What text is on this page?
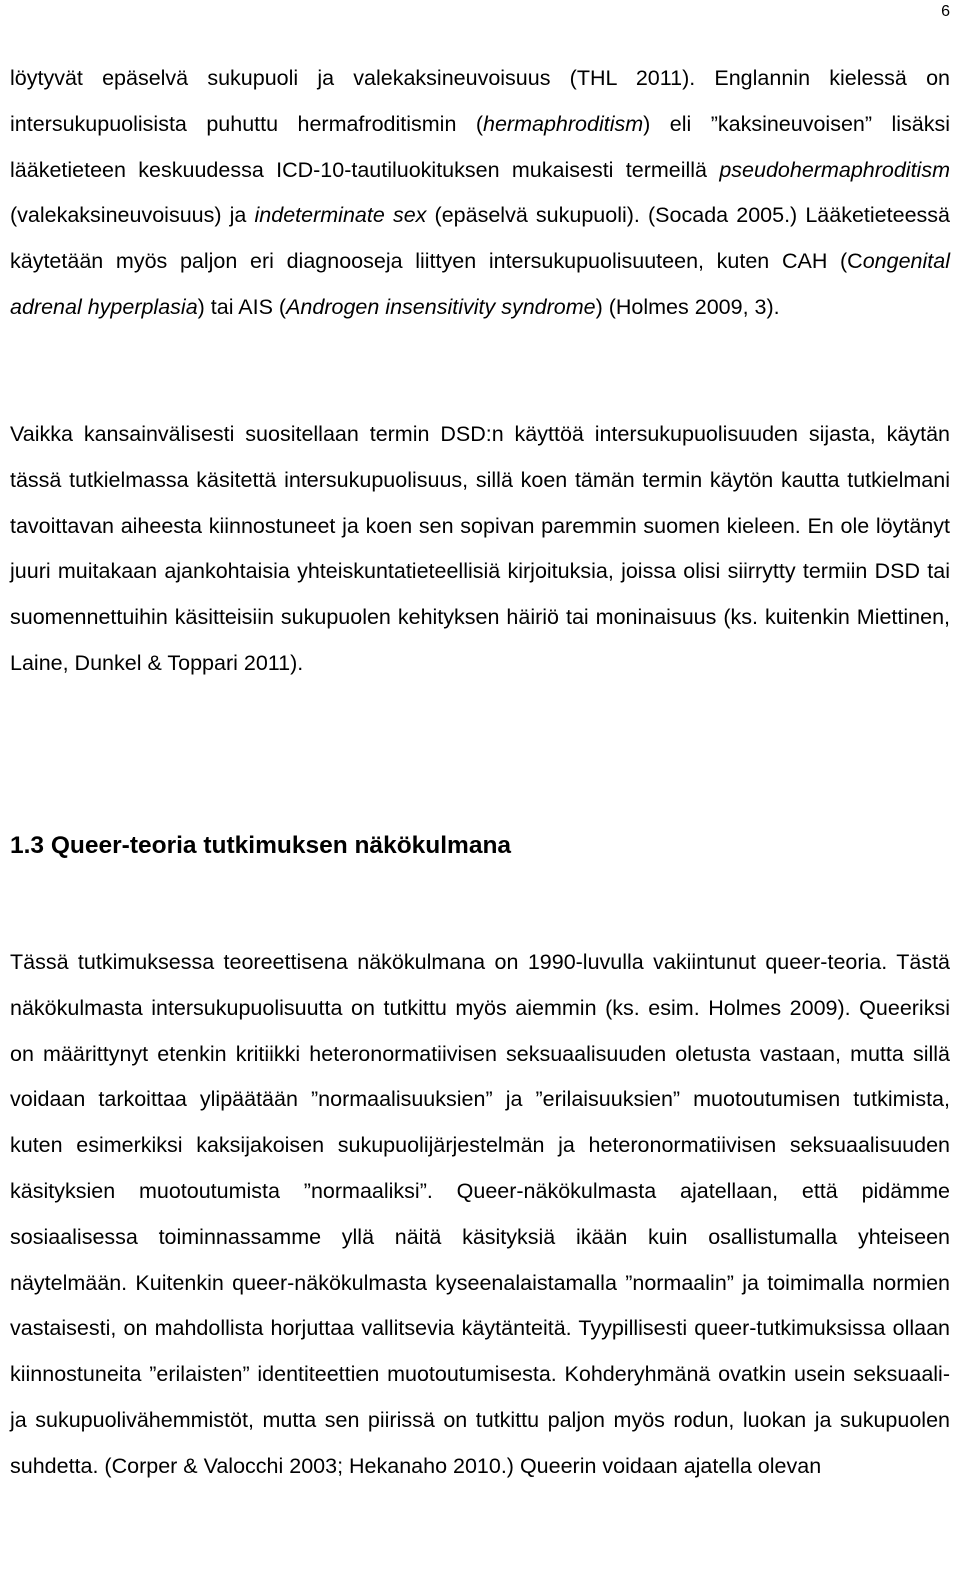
6

löytyvät epäselvä sukupuoli ja valekaksineuvoisuus (THL 2011). Englannin kielessä on intersukupuolisista puhuttu hermafroditismin (hermaphroditism) eli ”kaksineuvoisen” lisäksi lääketieteen keskuudessa ICD-10-tautiluokituksen mukaisesti termeillä pseudohermaphroditism (valekaksineuvoisuus) ja indeterminate sex (epäselvä sukupuoli). (Socada 2005.) Lääketieteessä käytetään myös paljon eri diagnooseja liittyen intersukupuolisuuteen, kuten CAH (Congenital adrenal hyperplasia) tai AIS (Androgen insensitivity syndrome) (Holmes 2009, 3).

Vaikka kansainvälisesti suositellaan termin DSD:n käyttöä intersukupuolisuuden sijasta, käytän tässä tutkielmassa käsitettä intersukupuolisuus, sillä koen tämän termin käytön kautta tutkielmani tavoittavan aiheesta kiinnostuneet ja koen sen sopivan paremmin suomen kieleen. En ole löytänyt juuri muitakaan ajankohtaisia yhteiskuntatieteellisiä kirjoituksia, joissa olisi siirrytty termiin DSD tai suomennettuihin käsitteisiin sukupuolen kehityksen häiriö tai moninaisuus (ks. kuitenkin Miettinen, Laine, Dunkel & Toppari 2011).

1.3 Queer-teoria tutkimuksen näkökulmana

Tässä tutkimuksessa teoreettisena näkökulmana on 1990-luvulla vakiintunut queer-teoria. Tästä näkökulmasta intersukupuolisuutta on tutkittu myös aiemmin (ks. esim. Holmes 2009). Queeriksi on määrittynyt etenkin kritiikki heteronormatiivisen seksuaalisuuden oletusta vastaan, mutta sillä voidaan tarkoittaa ylipäätään ”normaalisuuksien” ja ”erilaisuuksien” muotoutumisen tutkimista, kuten esimerkiksi kaksijakoisen sukupuolijärjestelmän ja heteronormatiivisen seksuaalisuuden käsityksien muotoutumista ”normaaliksi”. Queer-näkökulmasta ajatellaan, että pidämme sosiaalisessa toiminnassamme yllä näitä käsityksiä ikään kuin osallistumalla yhteiseen näytelmään. Kuitenkin queer-näkökulmasta kyseenalaistamalla ”normaalin” ja toimimalla normien vastaisesti, on mahdollista horjuttaa vallitsevia käytänteitä. Tyypillisesti queer-tutkimuksissa ollaan kiinnostuneita ”erilaisten” identiteettien muotoutumisesta. Kohderyhmänä ovatkin usein seksuaali- ja sukupuolivähemmistöt, mutta sen piirissä on tutkittu paljon myös rodun, luokan ja sukupuolen suhdetta. (Corper & Valocchi 2003; Hekanaho 2010.) Queerin voidaan ajatella olevan
